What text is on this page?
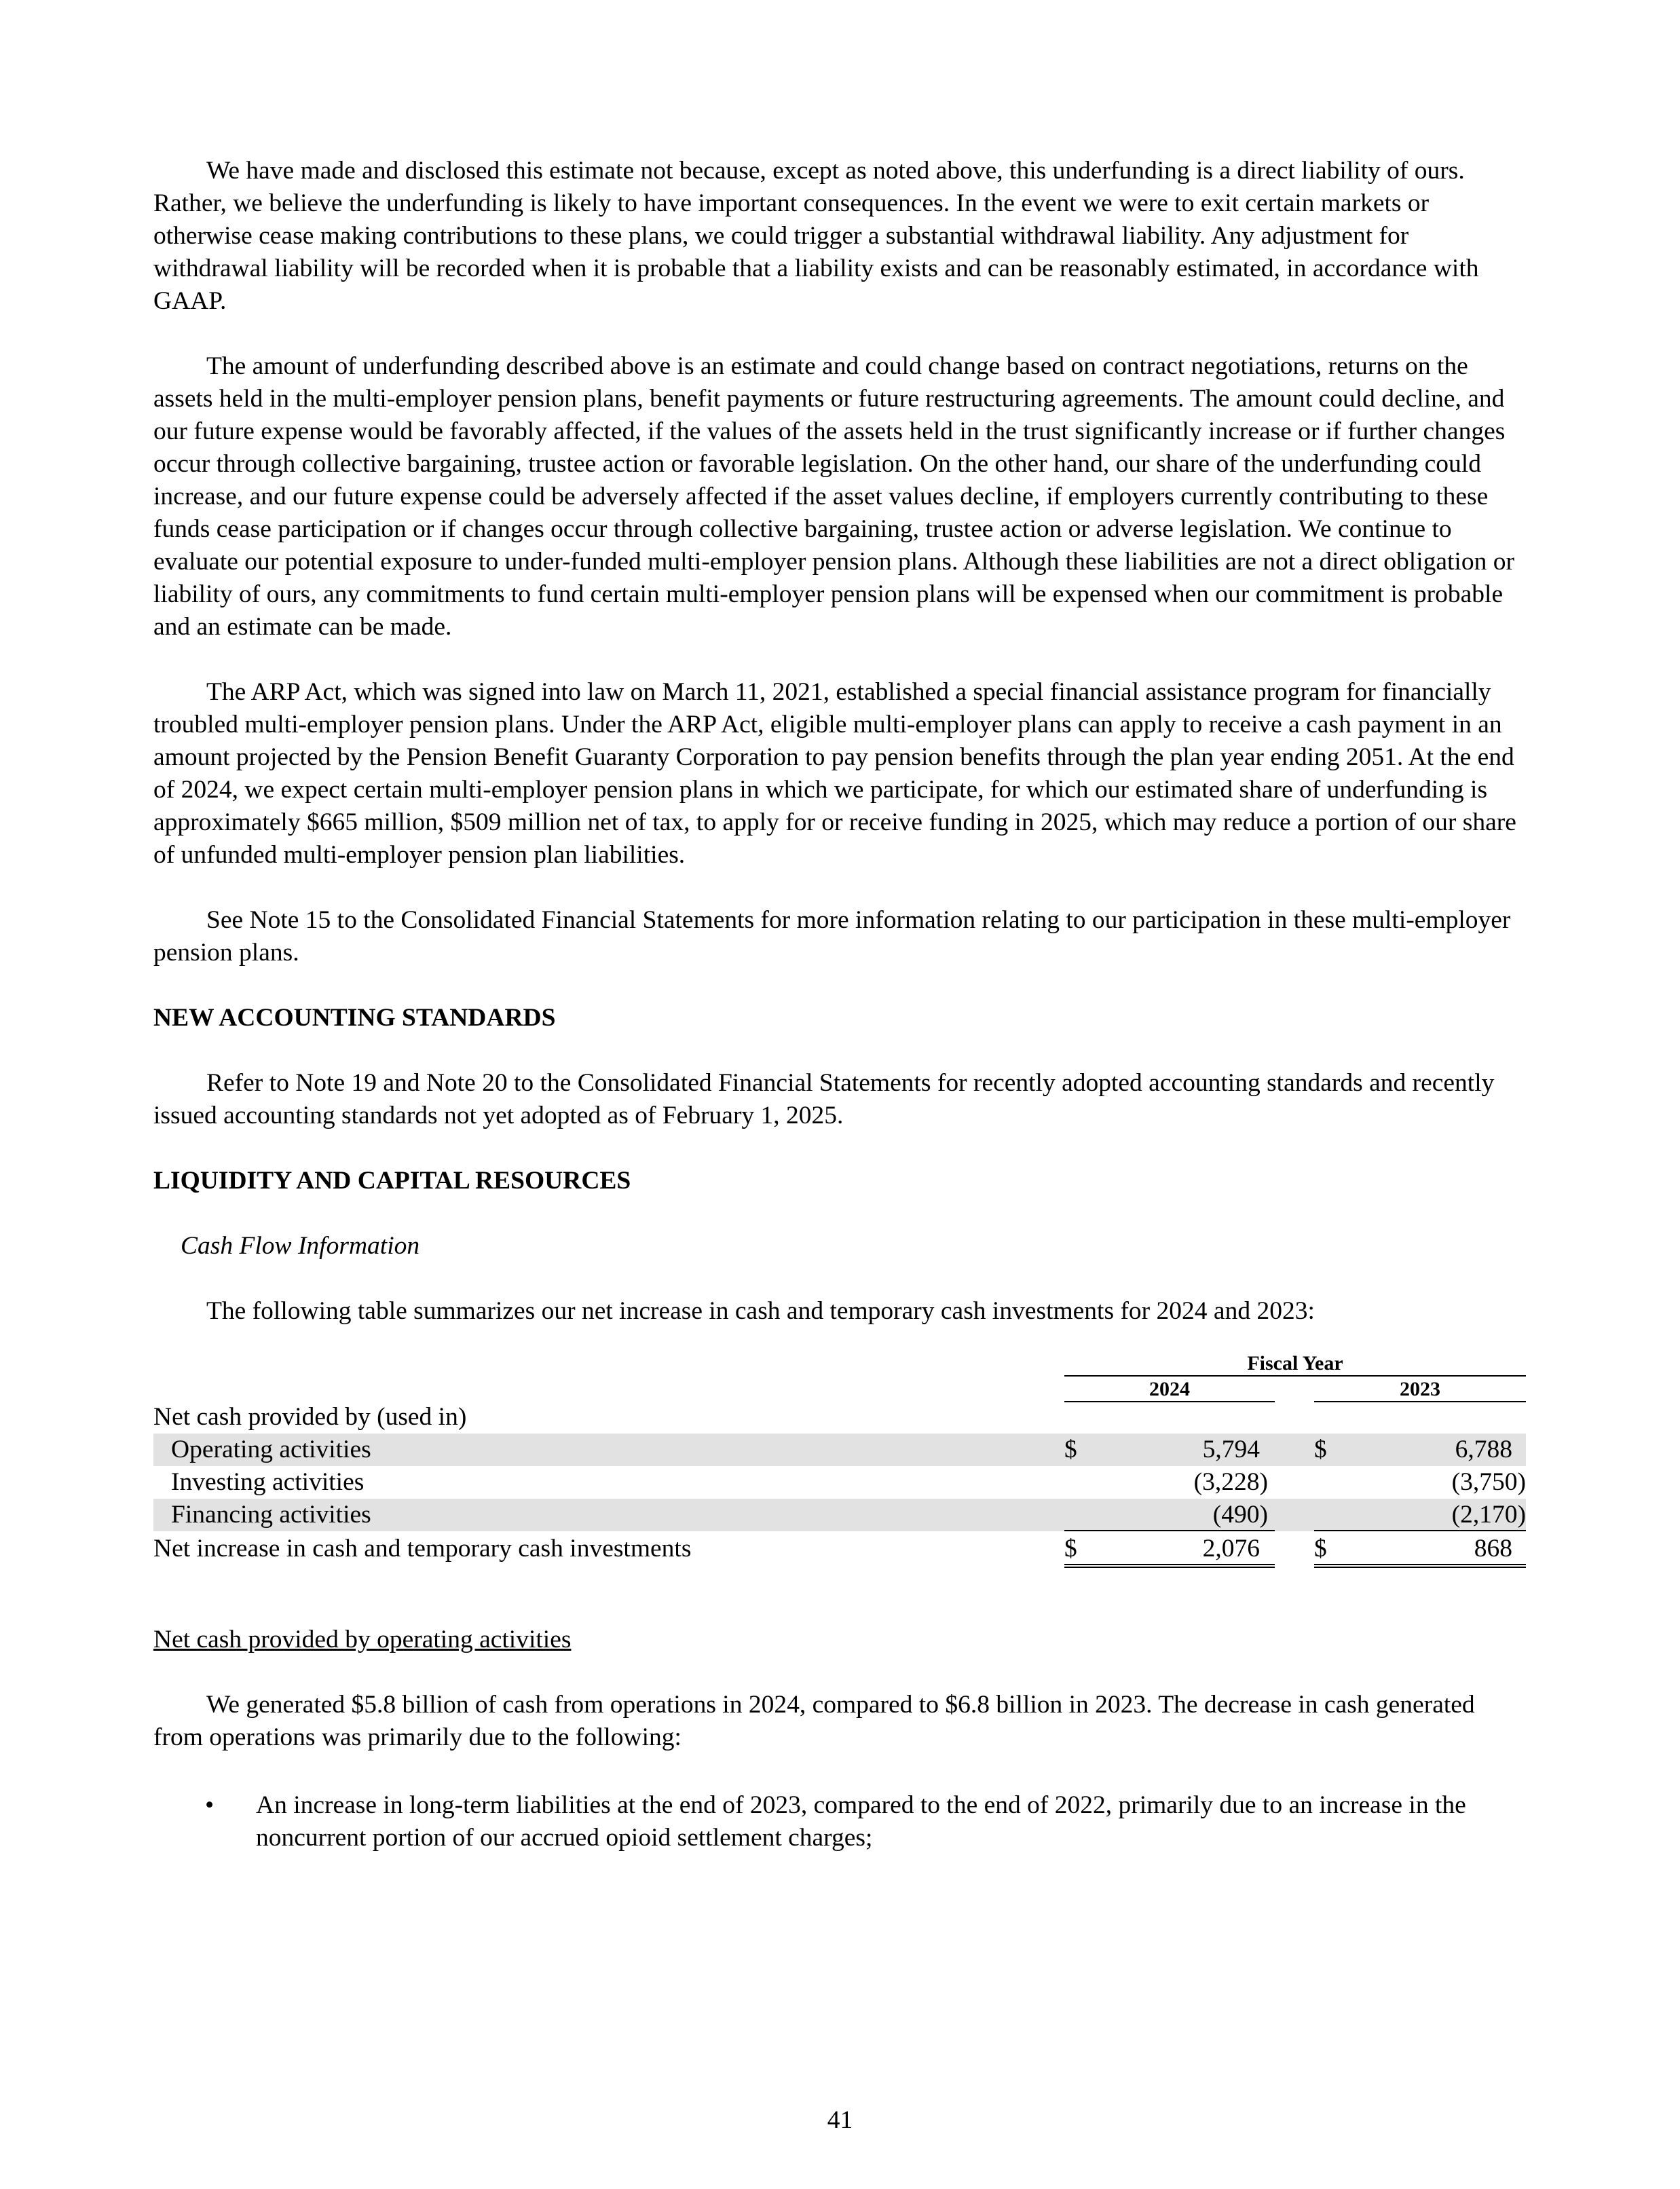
We have made and disclosed this estimate not because, except as noted above, this underfunding is a direct liability of ours. Rather, we believe the underfunding is likely to have important consequences. In the event we were to exit certain markets or otherwise cease making contributions to these plans, we could trigger a substantial withdrawal liability. Any adjustment for withdrawal liability will be recorded when it is probable that a liability exists and can be reasonably estimated, in accordance with GAAP.

The amount of underfunding described above is an estimate and could change based on contract negotiations, returns on the assets held in the multi-employer pension plans, benefit payments or future restructuring agreements. The amount could decline, and our future expense would be favorably affected, if the values of the assets held in the trust significantly increase or if further changes occur through collective bargaining, trustee action or favorable legislation. On the other hand, our share of the underfunding could increase, and our future expense could be adversely affected if the asset values decline, if employers currently contributing to these funds cease participation or if changes occur through collective bargaining, trustee action or adverse legislation. We continue to evaluate our potential exposure to under-funded multi-employer pension plans. Although these liabilities are not a direct obligation or liability of ours, any commitments to fund certain multi-employer pension plans will be expensed when our commitment is probable and an estimate can be made.

The ARP Act, which was signed into law on March 11, 2021, established a special financial assistance program for financially troubled multi-employer pension plans. Under the ARP Act, eligible multi-employer plans can apply to receive a cash payment in an amount projected by the Pension Benefit Guaranty Corporation to pay pension benefits through the plan year ending 2051. At the end of 2024, we expect certain multi-employer pension plans in which we participate, for which our estimated share of underfunding is approximately $665 million, $509 million net of tax, to apply for or receive funding in 2025, which may reduce a portion of our share of unfunded multi-employer pension plan liabilities.

See Note 15 to the Consolidated Financial Statements for more information relating to our participation in these multi-employer pension plans.

NEW ACCOUNTING STANDARDS

Refer to Note 19 and Note 20 to the Consolidated Financial Statements for recently adopted accounting standards and recently issued accounting standards not yet adopted as of February 1, 2025.

LIQUIDITY AND CAPITAL RESOURCES

Cash Flow Information

The following table summarizes our net increase in cash and temporary cash investments for 2024 and 2023:

Fiscal Year
2024	2023
Net cash provided by (used in)
Operating activities	$	5,794 $	6,788
Investing activities	(3,228)	(3,750)
Financing activities	(490)	(2,170)
Net increase in cash and temporary cash investments	$	2,076 $	868

Net cash provided by operating activities

We generated $5.8 billion of cash from operations in 2024, compared to $6.8 billion in 2023. The decrease in cash generated from operations was primarily due to the following:

• An increase in long-term liabilities at the end of 2023, compared to the end of 2022, primarily due to an increase in the noncurrent portion of our accrued opioid settlement charges;
41
